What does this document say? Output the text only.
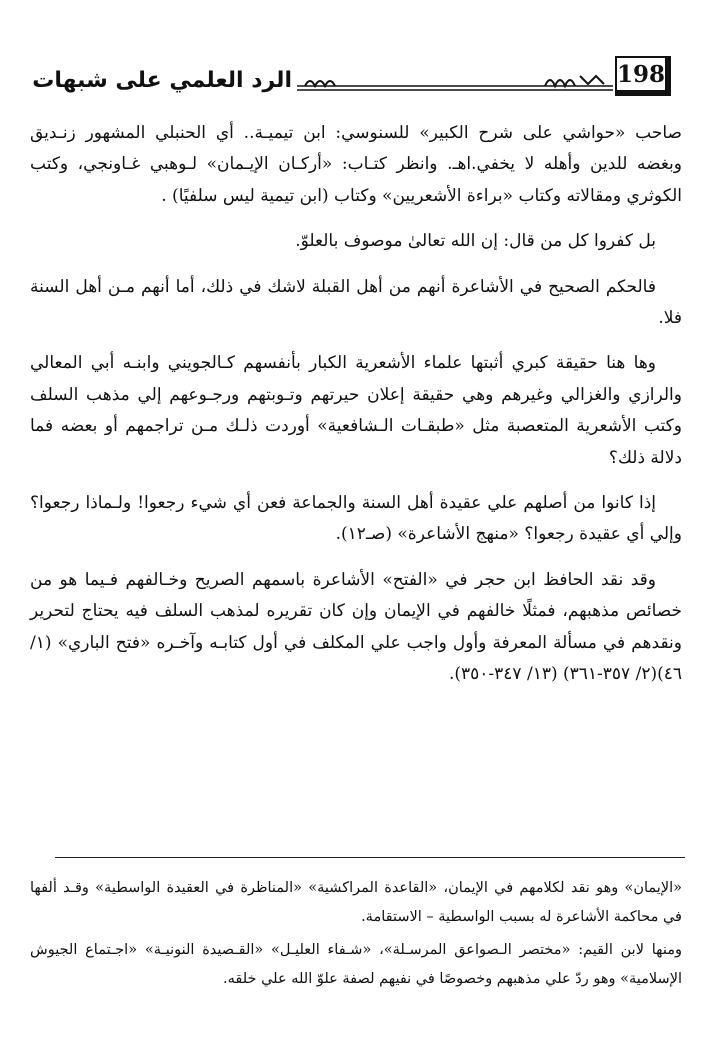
198
الرد العلمي على شبهات

صاحب «حواشي على شرح الكبير» للسنوسي: ابن تيميـة.. أي الحنبلي المشهور زنـديق وبغضه للدين وأهله لا يخفي.اهـ. وانظر كتـاب: «أركـان الإيـمان» لـوهبي غـاونجي، وكتب الكوثري ومقالاته وكتاب «براءة الأشعريين» وكتاب (ابن تيمية ليس سلفيًا) .

بل كفروا كل من قال: إن الله تعالىٰ موصوف بالعلوّ.

فالحكم الصحيح في الأشاعرة أنهم من أهل القبلة لاشك في ذلك، أما أنهم مـن أهل السنة فلا.

وها هنا حقيقة كبري أثبتها علماء الأشعرية الكبار بأنفسهم كـالجويني وابنـه أبي المعالي والرازي والغزالي وغيرهم وهي حقيقة إعلان حيرتهم وتـوبتهم ورجـوعهم إلي مذهب السلف وكتب الأشعرية المتعصبة مثل «طبقـات الـشافعية» أوردت ذلـك مـن تراجمهم أو بعضه فما دلالة ذلك؟

إذا كانوا من أصلهم علي عقيدة أهل السنة والجماعة فعن أي شيء رجعوا! ولـماذا رجعوا؟ وإلي أي عقيدة رجعوا؟ «منهج الأشاعرة» (صـ١٢).

وقد نقد الحافظ ابن حجر في «الفتح» الأشاعرة باسمهم الصريح وخـالفهم فـيما هو من خصائص مذهبهم، فمثلًا خالفهم في الإيمان وإن كان تقريره لمذهب السلف فيه يحتاج لتحرير ونقدهم في مسألة المعرفة وأول واجب علي المكلف في أول كتابـه وآخـره «فتح الباري» (١/ ٤٦)(٢/ ٣٥٧-٣٦١) (١٣/ ٣٤٧-٣٥٠).

«الإيمان» وهو نقد لكلامهم في الإيمان، «القاعدة المراكشية» «المناظرة في العقيدة الواسطية» وقـد ألفها في محاكمة الأشاعرة له بسبب الواسطية – الاستقامة.

ومنها لابن القيم: «مختصر الـصواعق المرسـلة»، «شـفاء العليـل» «القـصيدة النونيـة» «اجـتماع الجيوش الإسلامية» وهو ردّ علي مذهبهم وخصوصًا في نفيهم لصفة علوّ الله علي خلقه.
